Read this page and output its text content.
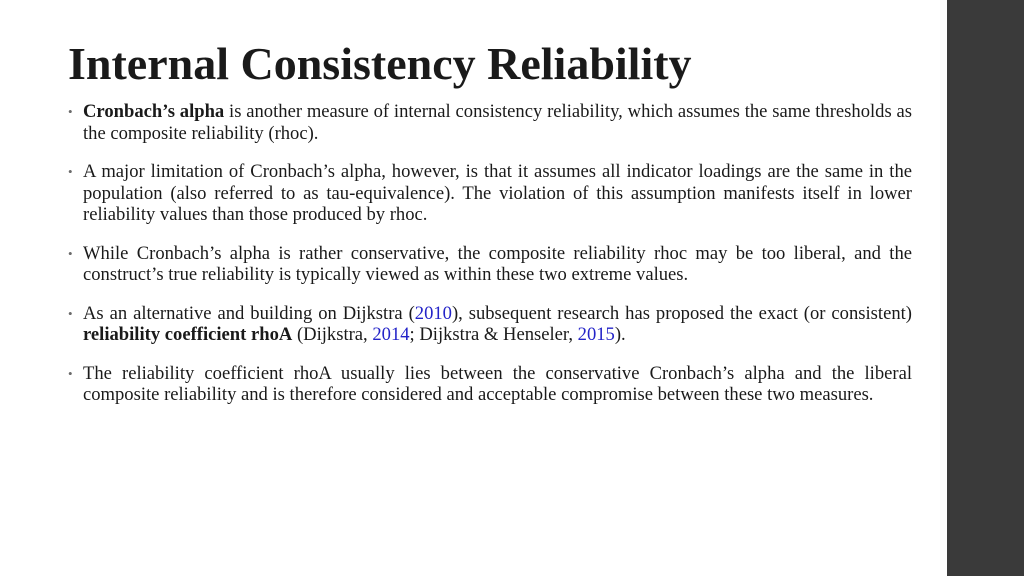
Internal Consistency Reliability
• Cronbach’s alpha is another measure of internal consistency reliability, which assumes the same thresholds as the composite reliability (rhoc).
• A major limitation of Cronbach’s alpha, however, is that it assumes all indicator loadings are the same in the population (also referred to as tau-equivalence). The violation of this assumption manifests itself in lower reliability values than those produced by rhoc.
• While Cronbach’s alpha is rather conservative, the composite reliability rhoc may be too liberal, and the construct’s true reliability is typically viewed as within these two extreme values.
• As an alternative and building on Dijkstra (2010), subsequent research has proposed the exact (or consistent) reliability coefficient rhoA (Dijkstra, 2014; Dijkstra & Henseler, 2015).
• The reliability coefficient rhoA usually lies between the conservative Cronbach’s alpha and the liberal composite reliability and is therefore considered and acceptable compromise between these two measures.
